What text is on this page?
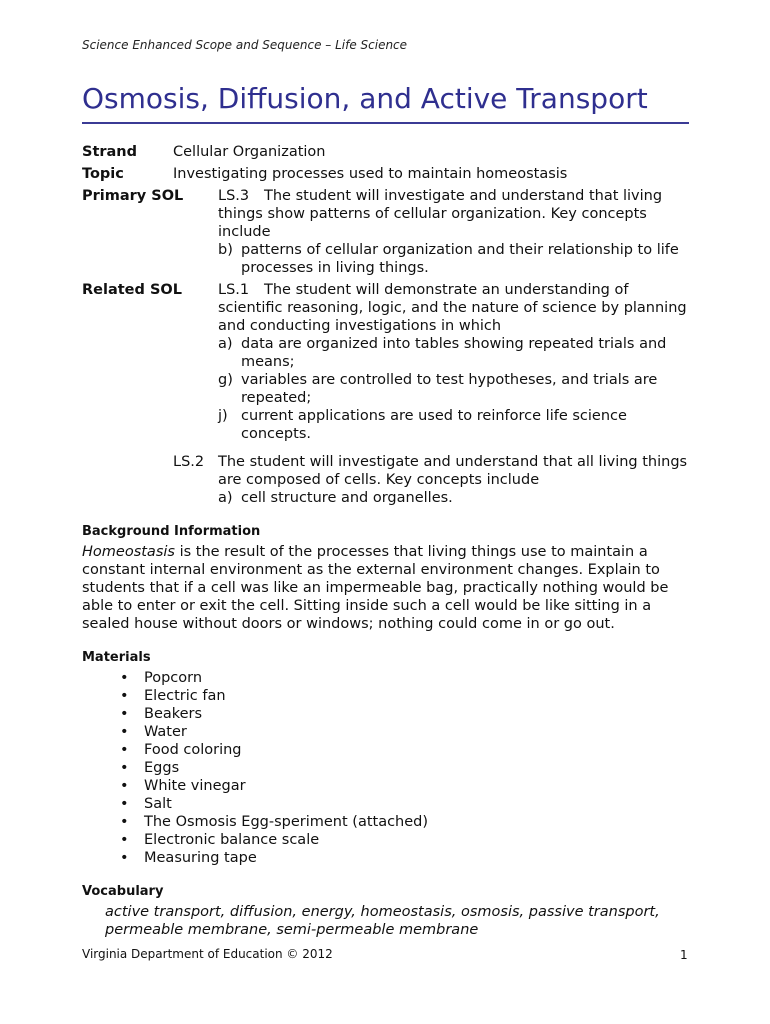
Science Enhanced Scope and Sequence – Life Science
Osmosis, Diffusion, and Active Transport
Strand Cellular Organization
Topic	Investigating processes used to maintain homeostasis
Primary SOL LS.3 The student will investigate and understand that living things show patterns of cellular organization. Key concepts include
b) patterns of cellular organization and their relationship to life processes in living things.
Related SOL LS.1 The student will demonstrate an understanding of scientific reasoning, logic, and the nature of science by planning and conducting investigations in which
a) data are organized into tables showing repeated trials and means;
g) variables are controlled to test hypotheses, and trials are repeated;
j) current applications are used to reinforce life science concepts.
LS.2 The student will investigate and understand that all living things are composed of cells. Key concepts include
a) cell structure and organelles.
Background Information
Homeostasis is the result of the processes that living things use to maintain a constant internal environment as the external environment changes. Explain to students that if a cell was like an impermeable bag, practically nothing would be able to enter or exit the cell. Sitting inside such a cell would be like sitting in a sealed house without doors or windows; nothing could come in or go out.
Materials
• Popcorn
• Electric fan
• Beakers
• Water
• Food coloring
• Eggs
• White vinegar
• Salt
• The Osmosis Egg-speriment (attached)
• Electronic balance scale
• Measuring tape
Vocabulary
active transport, diffusion, energy, homeostasis, osmosis, passive transport, permeable membrane, semi-permeable membrane
Virginia Department of Education © 2012	1
